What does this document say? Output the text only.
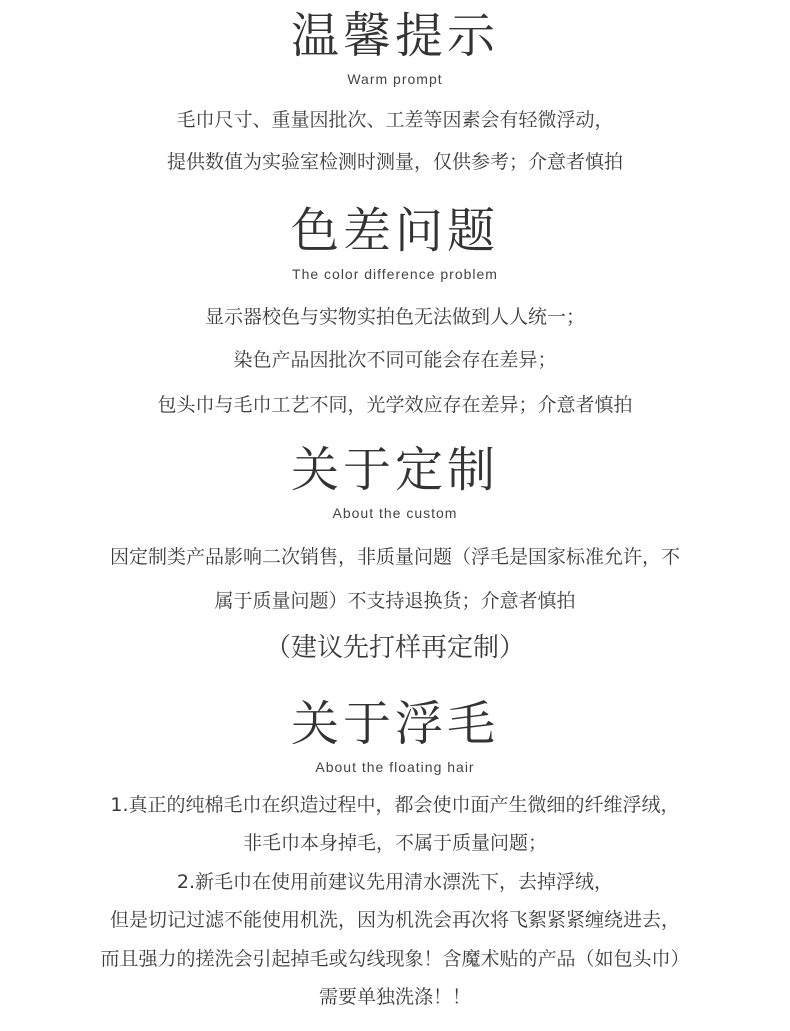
温馨提示
Warm prompt
毛巾尺寸、重量因批次、工差等因素会有轻微浮动，
提供数值为实验室检测时测量，仅供参考；介意者慎拍
色差问题
The color difference problem
显示器校色与实物实拍色无法做到人人统一；
染色产品因批次不同可能会存在差异；
包头巾与毛巾工艺不同，光学效应存在差异；介意者慎拍
关于定制
About the custom
因定制类产品影响二次销售，非质量问题（浮毛是国家标准允许，不
属于质量问题）不支持退换货；介意者慎拍
（建议先打样再定制）
关于浮毛
About the floating hair
1.真正的纯棉毛巾在织造过程中，都会使巾面产生微细的纤维浮绒，
非毛巾本身掉毛，不属于质量问题；
2.新毛巾在使用前建议先用清水漂洗下，去掉浮绒，
但是切记过滤不能使用机洗，因为机洗会再次将飞絮紧紧缠绕进去，
而且强力的搓洗会引起掉毛或勾线现象！含魔术贴的产品（如包头巾）
需要单独洗涤！！
